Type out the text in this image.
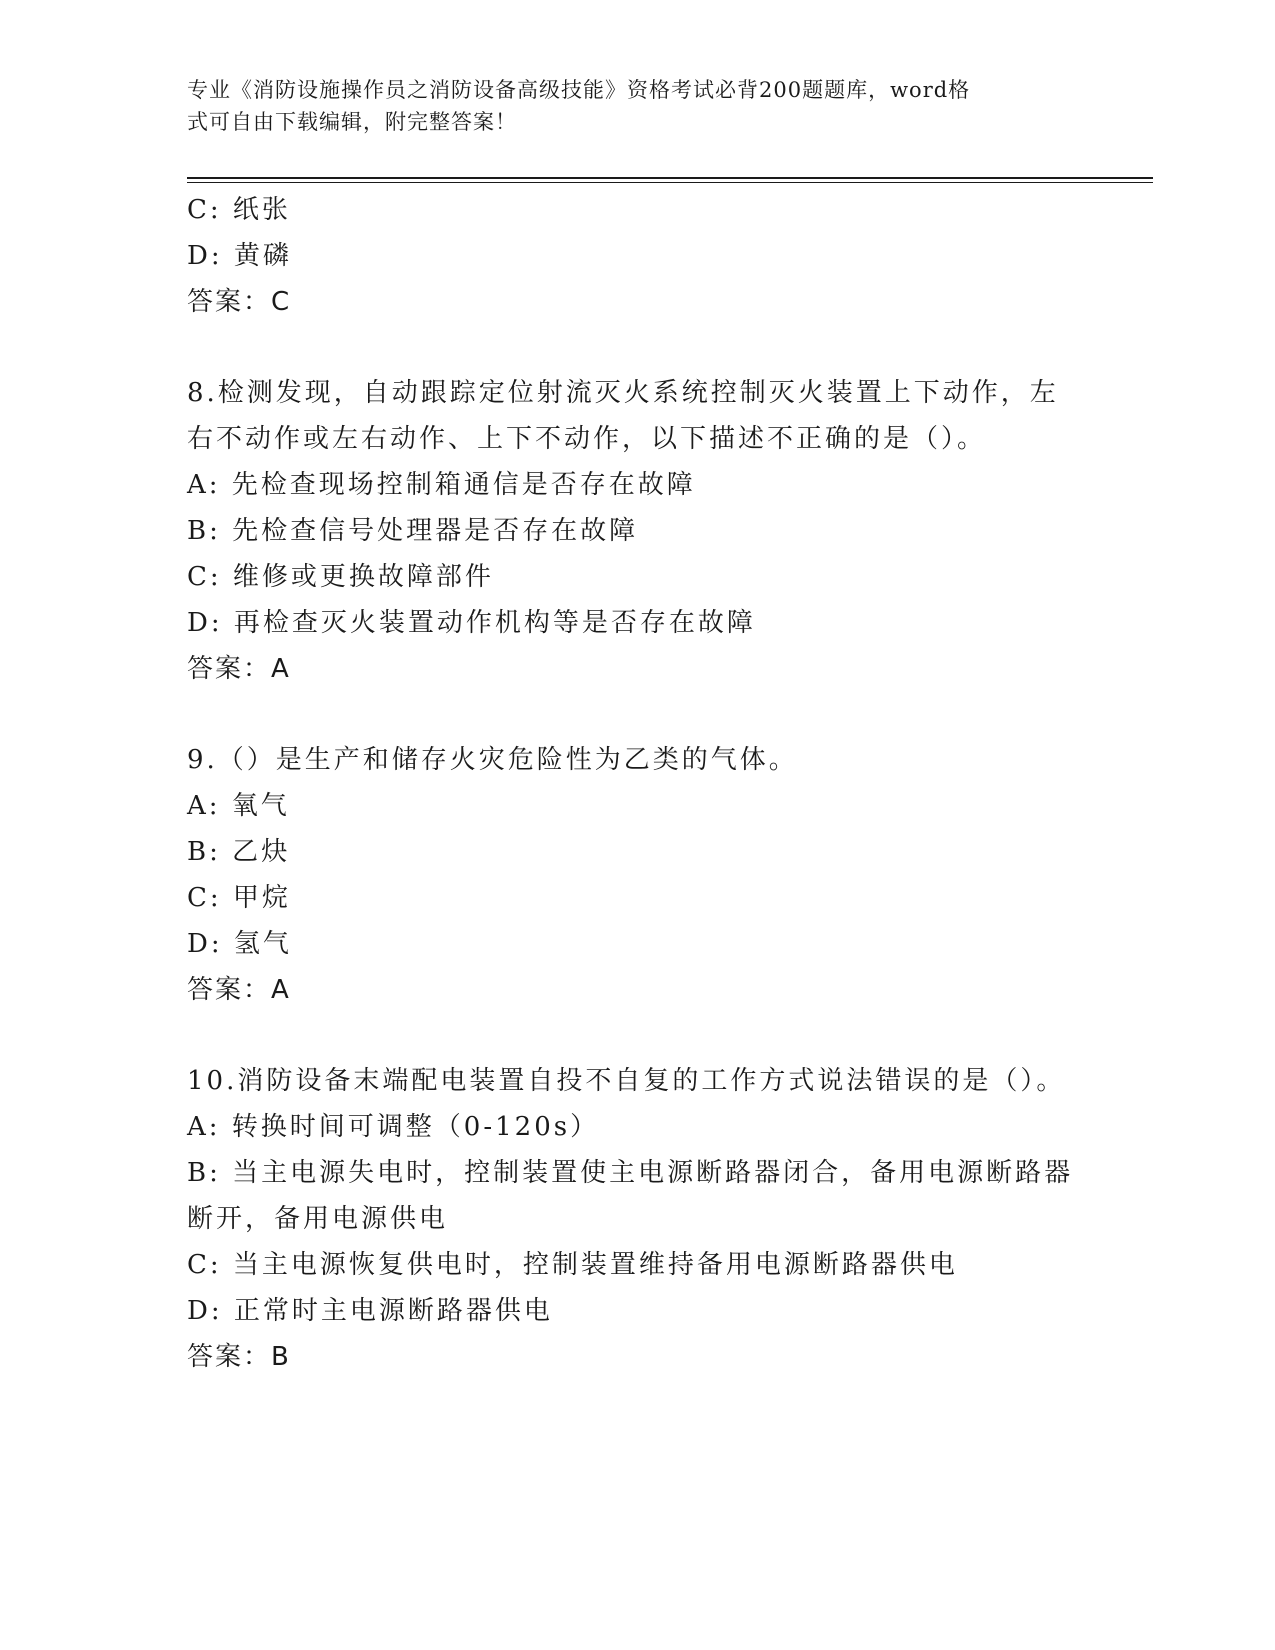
专业《消防设施操作员之消防设备高级技能》资格考试必背200题题库，word格
式可自由下载编辑，附完整答案！
C: 纸张
D: 黄磷
答案：C
8.检测发现，自动跟踪定位射流灭火系统控制灭火装置上下动作，左
右不动作或左右动作、上下不动作，以下描述不正确的是（）。
A: 先检查现场控制箱通信是否存在故障
B: 先检查信号处理器是否存在故障
C: 维修或更换故障部件
D: 再检查灭火装置动作机构等是否存在故障
答案：A
9.（）是生产和储存火灾危险性为乙类的气体。
A: 氧气
B: 乙炔
C: 甲烷
D: 氢气
答案：A
10.消防设备末端配电装置自投不自复的工作方式说法错误的是（）。
A: 转换时间可调整（0-120s）
B: 当主电源失电时，控制装置使主电源断路器闭合，备用电源断路器
断开，备用电源供电
C: 当主电源恢复供电时，控制装置维持备用电源断路器供电
D: 正常时主电源断路器供电
答案：B
